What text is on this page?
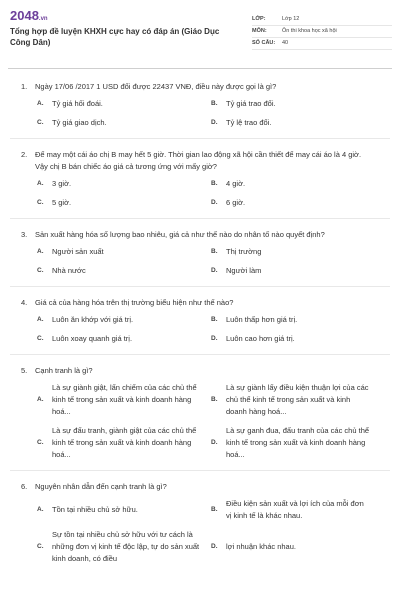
2048.vn
Tổng hợp đề luyện KHXH cực hay có đáp án (Giáo Dục Công Dân)
LỚP:	Lớp 12
MÔN:	Ôn thi khoa học xã hội
SỐ CÂU:	40
1.	Ngày 17/06 /2017 1 USD đổi được 22437 VNĐ, điều này được gọi là gì?
A.	Tỷ giá hối đoái.	B.	Tỷ giá trao đổi.
C.	Tỷ giá giao dịch.	D.	Tỷ lệ trao đổi.
2.	Để may một cái áo chị B may hết 5 giờ. Thời gian lao động xã hội cần thiết để may cái áo là 4 giờ. Vậy chị B bán chiếc áo giá cả tương ứng với mấy giờ?
A.	3 giờ.	B.	4 giờ.
C.	5 giờ.	D.	6 giờ.
3.	Sản xuất hàng hóa số lượng bao nhiêu, giá cả như thế nào do nhân tố nào quyết định?
A.	Người sản xuất	B.	Thị trường
C.	Nhà nước	D.	Người làm
4.	Giá cả của hàng hóa trên thị trường biểu hiện như thế nào?
A.	Luôn ăn khớp với giá trị.	B.	Luôn thấp hơn giá trị.
C.	Luôn xoay quanh giá trị.	D.	Luôn cao hơn giá trị.
5.	Cạnh tranh là gì?
A.
Là sự giành giật, lấn chiếm của các chủ thể kinh tế trong sản xuất và kinh doanh hàng hoá...
B.
Là sự giành lấy điều kiện thuận lợi của các chủ thể kinh tế trong sản xuất và kinh doanh hàng hoá...
C.
Là sự đấu tranh, giành giật của các chủ thể kinh tế trong sản xuất và kinh doanh hàng hoá...
D.
Là sự ganh đua, đấu tranh của các chủ thể kinh tế trong sản xuất và kinh doanh hàng hoá...
6.	Nguyên nhân dẫn đến cạnh tranh là gì?
A.	Tồn tại nhiều chủ sở hữu.	B.
Điều kiện sản xuất và lợi ích của mỗi đơn vị kinh tế là khác nhau.
C.
Sự tồn tại nhiều chủ sở hữu với tư cách là những đơn vị kinh tế độc lập, tự do sản xuất kinh doanh, có điều
D.	lợi nhuận khác nhau.
